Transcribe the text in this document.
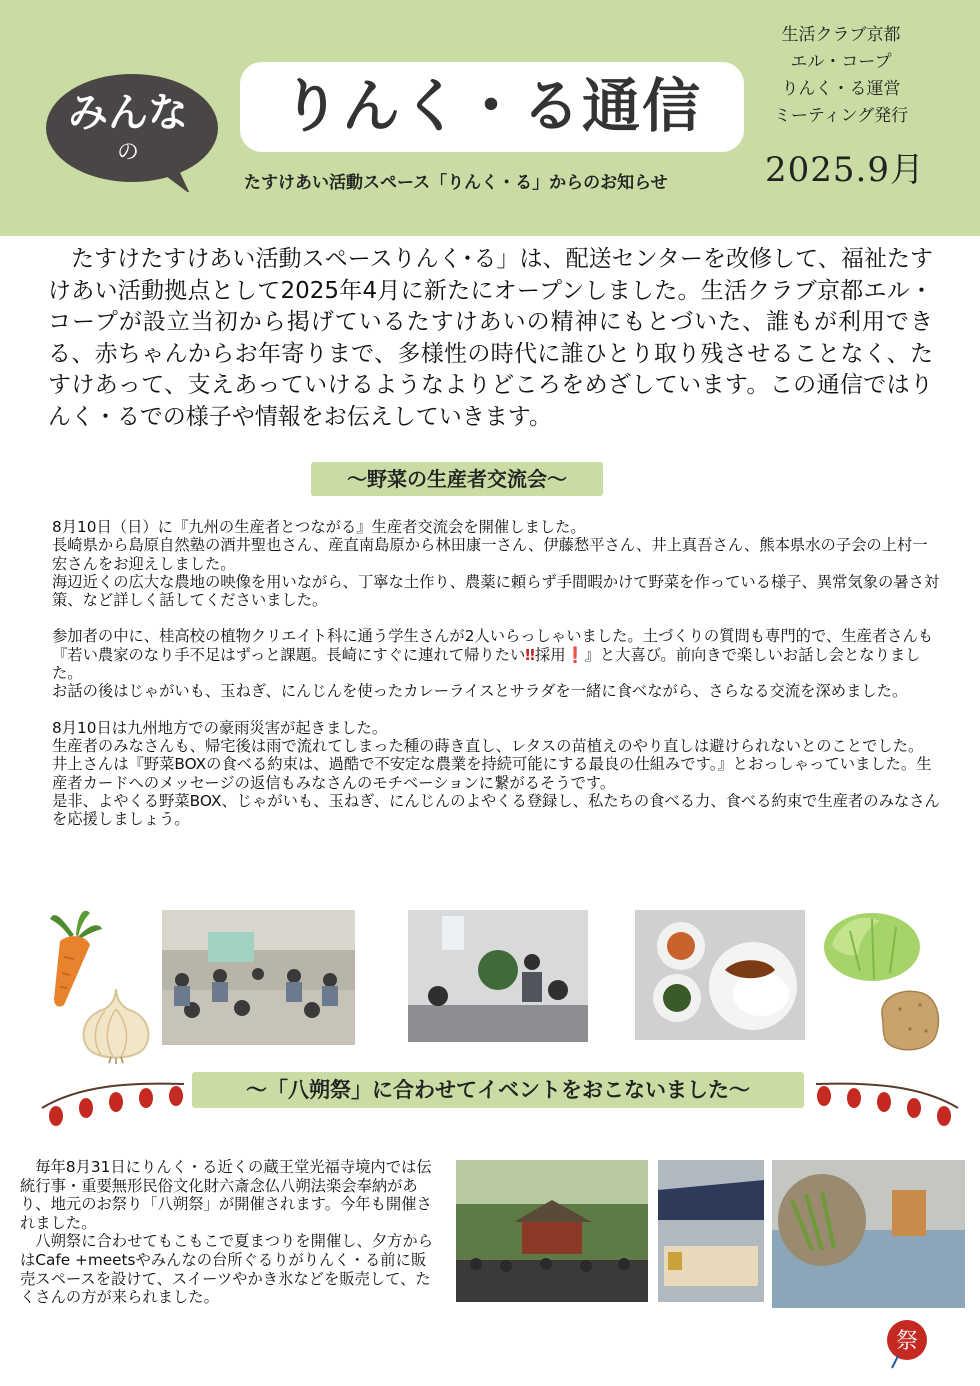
みんな
の
りんく・る通信
たすけあい活動スペース「りんく・る」からのお知らせ
生活クラブ京都
エル・コープ
りんく・る運営
ミーティング発行
2025.9月
　たすけたすけあい活動スペースりんく･る」は、配送センターを改修して、福祉たすけあい活動拠点として2025年4月に新たにオープンしました。生活クラブ京都エル・コープが設立当初から掲げているたすけあいの精神にもとづいた、誰もが利用できる、赤ちゃんからお年寄りまで、多様性の時代に誰ひとり取り残させることなく、たすけあって、支えあっていけるようなよりどころをめざしています。この通信ではりんく・るでの様子や情報をお伝えしていきます。
～野菜の生産者交流会～

8月10日（日）に『九州の生産者とつながる』生産者交流会を開催しました。

長崎県から島原自然塾の酒井聖也さん、産直南島原から林田康一さん、伊藤愁平さん、井上真吾さん、熊本県水の子会の上村一宏さんをお迎えしました。

海辺近くの広大な農地の映像を用いながら、丁寧な土作り、農薬に頼らず手間暇かけて野菜を作っている様子、異常気象の暑さ対策、など詳しく話してくださいました。

参加者の中に、桂高校の植物クリエイト科に通う学生さんが2人いらっしゃいました。土づくりの質問も専門的で、生産者さんも『若い農家のなり手不足はずっと課題。長崎にすぐに連れて帰りたい‼採用❗』と大喜び。前向きで楽しいお話し会となりました。

お話の後はじゃがいも、玉ねぎ、にんじんを使ったカレーライスとサラダを一緒に食べながら、さらなる交流を深めました。

8月10日は九州地方での豪雨災害が起きました。

生産者のみなさんも、帰宅後は雨で流れてしまった種の蒔き直し、レタスの苗植えのやり直しは避けられないとのことでした。

井上さんは『野菜BOXの食べる約束は、過酷で不安定な農業を持続可能にする最良の仕組みです。』とおっしゃっていました。生産者カードへのメッセージの返信もみなさんのモチベーションに繋がるそうです。

是非、よやくる野菜BOX、じゃがいも、玉ねぎ、にんじんのよやくる登録し、私たちの食べる力、食べる約束で生産者のみなさんを応援しましょう。

～「八朔祭」に合わせてイベントをおこないました～

毎年8月31日にりんく・る近くの蔵王堂光福寺境内では伝統行事・重要無形民俗文化財六斎念仏八朔法楽会奉納があり、地元のお祭り「八朔祭」が開催されます。今年も開催されました。

八朔祭に合わせてもこもこで夏まつりを開催し、夕方からはCafe +meetsやみんなの台所ぐるりがりんく・る前に販売スペースを設けて、スイーツやかき氷などを販売して、たくさんの方が来られました。

祭
